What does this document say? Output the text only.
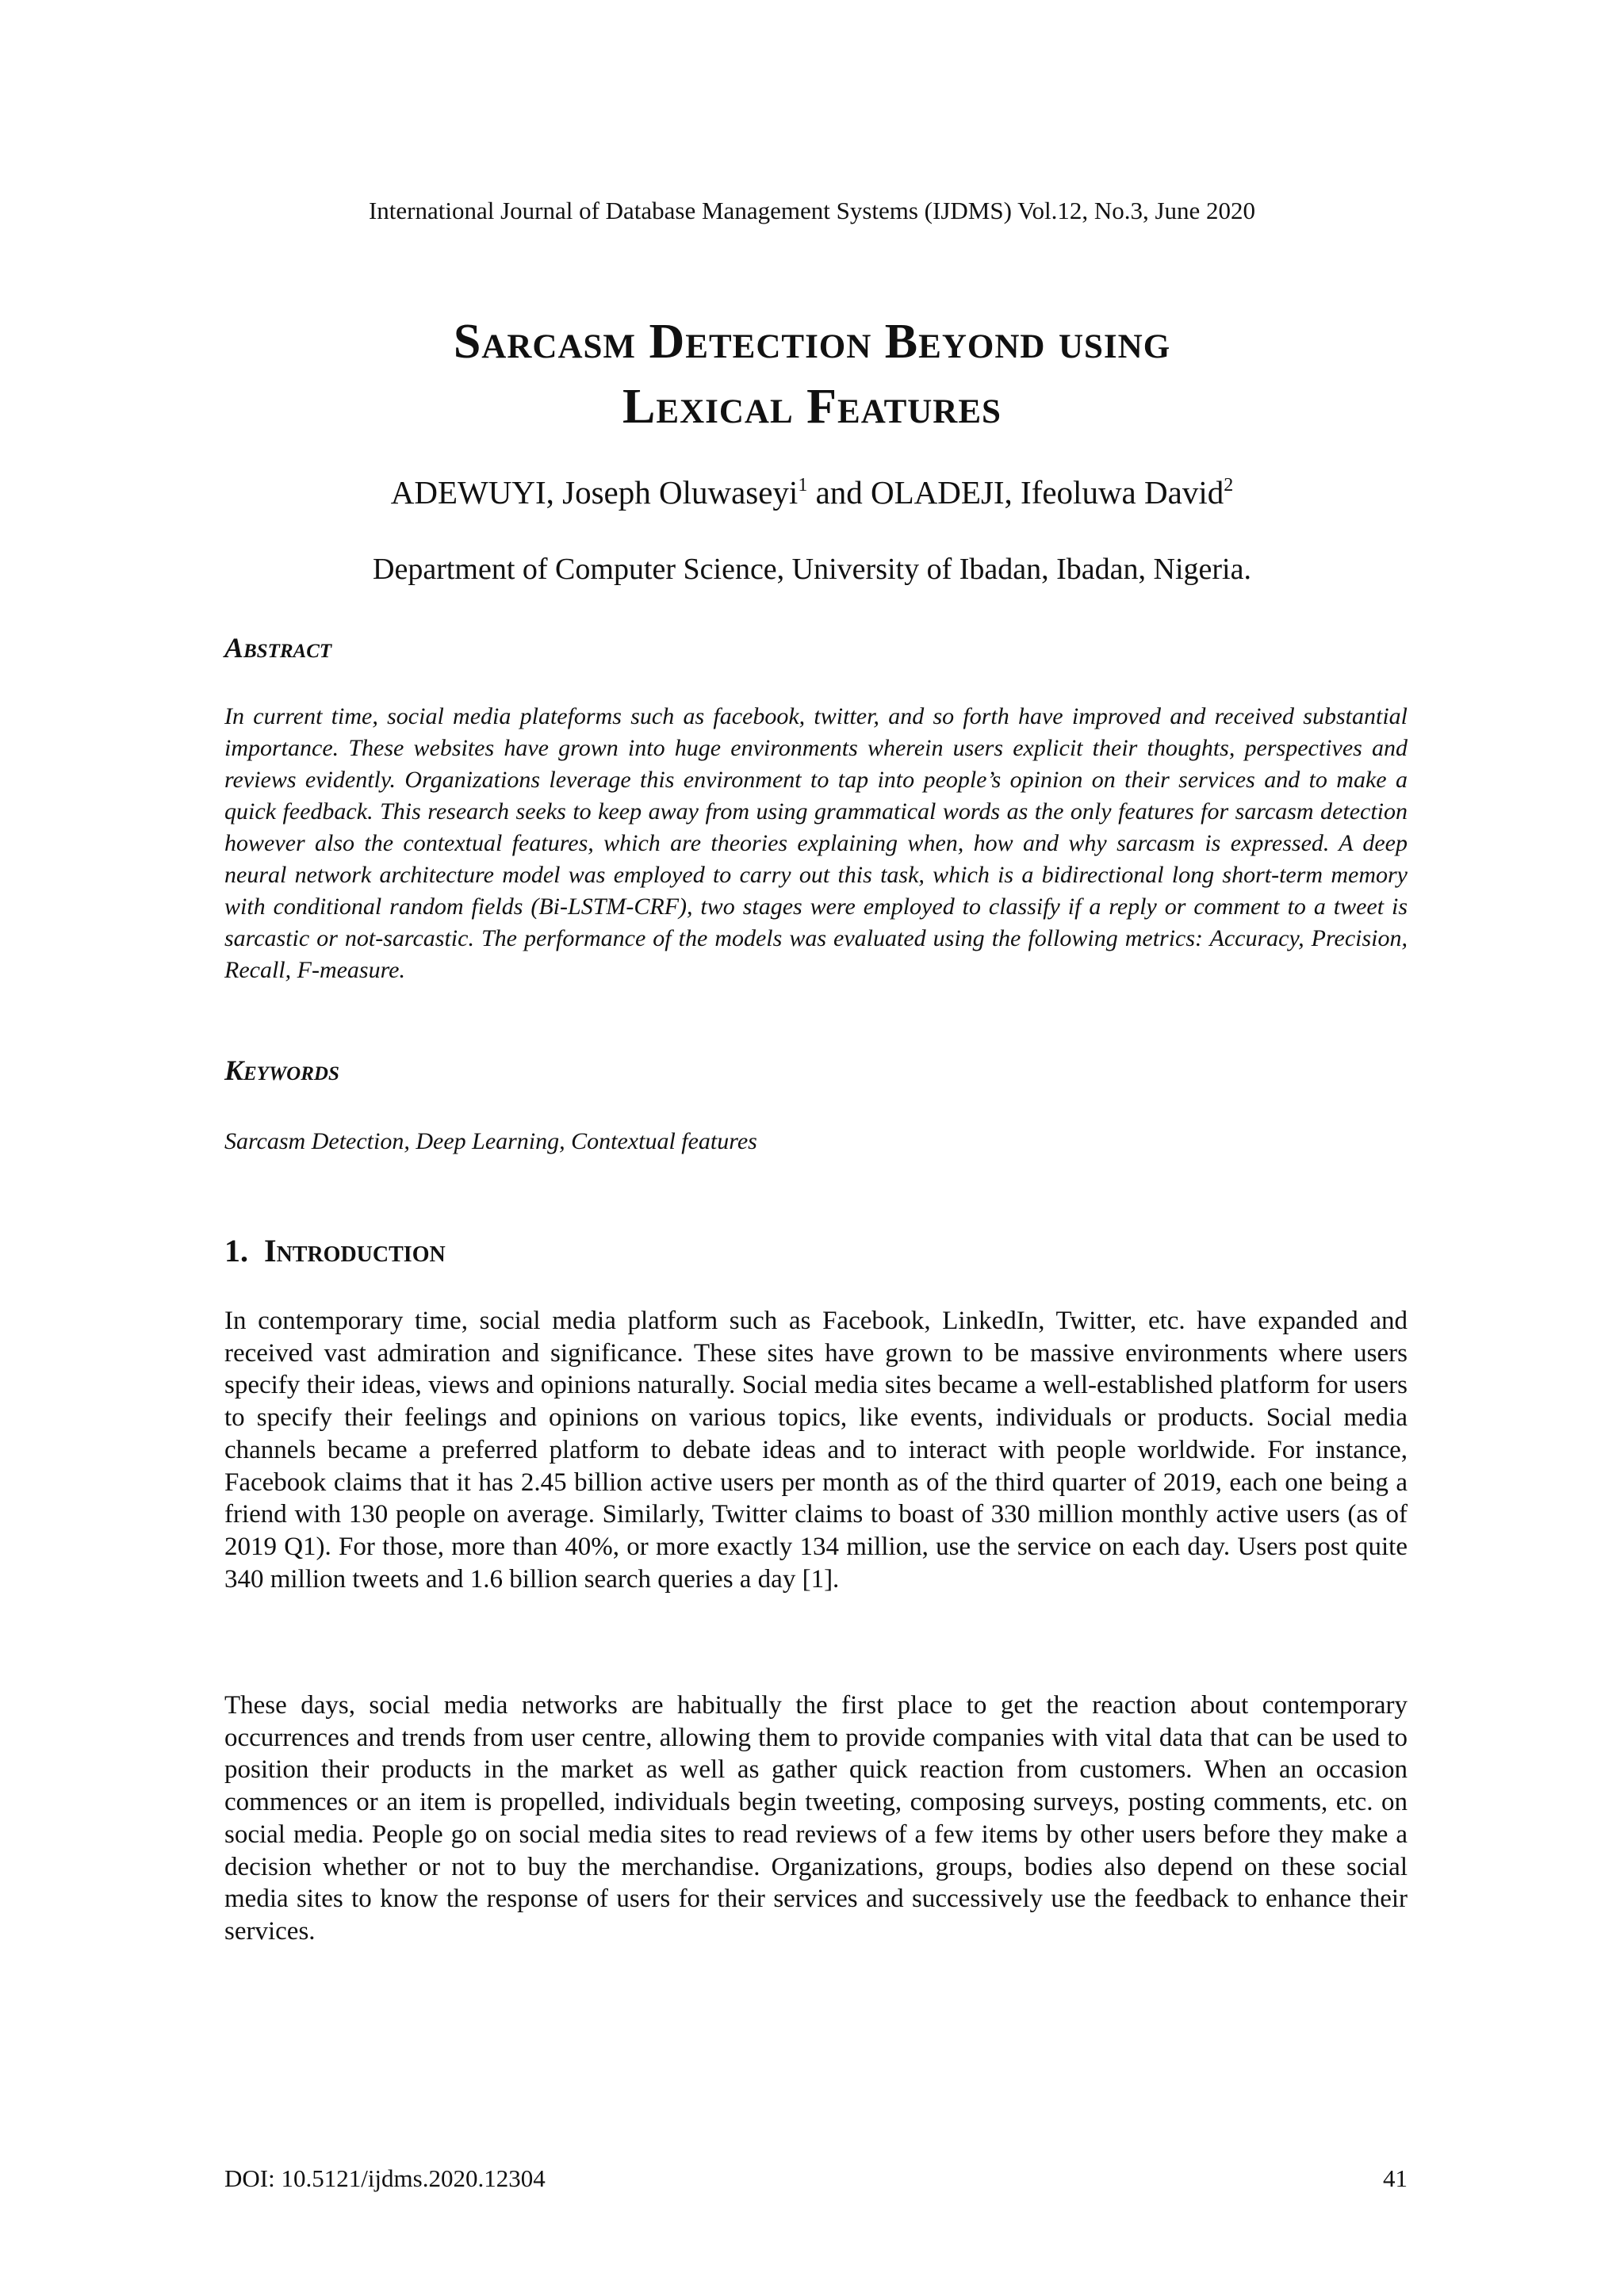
International Journal of Database Management Systems (IJDMS) Vol.12, No.3, June 2020
Sarcasm Detection Beyond using
Lexical Features
ADEWUYI, Joseph Oluwaseyi$^1$ and OLADEJI, Ifeoluwa David$^2$
Department of Computer Science, University of Ibadan, Ibadan, Nigeria.
Abstract
In current time, social media plateforms such as facebook, twitter, and so forth have improved and received substantial importance. These websites have grown into huge environments wherein users explicit their thoughts, perspectives and reviews evidently. Organizations leverage this environment to tap into people’s opinion on their services and to make a quick feedback. This research seeks to keep away from using grammatical words as the only features for sarcasm detection however also the contextual features, which are theories explaining when, how and why sarcasm is expressed. A deep neural network architecture model was employed to carry out this task, which is a bidirectional long short-term memory with conditional random fields (Bi-LSTM-CRF), two stages were employed to classify if a reply or comment to a tweet is sarcastic or not-sarcastic. The performance of the models was evaluated using the following metrics: Accuracy, Precision, Recall, F-measure.
Keywords
Sarcasm Detection, Deep Learning, Contextual features
1. Introduction
In contemporary time, social media platform such as Facebook, LinkedIn, Twitter, etc. have expanded and received vast admiration and significance. These sites have grown to be massive environments where users specify their ideas, views and opinions naturally. Social media sites became a well-established platform for users to specify their feelings and opinions on various topics, like events, individuals or products. Social media channels became a preferred platform to debate ideas and to interact with people worldwide. For instance, Facebook claims that it has 2.45 billion active users per month as of the third quarter of 2019, each one being a friend with 130 people on average. Similarly, Twitter claims to boast of 330 million monthly active users (as of 2019 Q1). For those, more than 40%, or more exactly 134 million, use the service on each day. Users post quite 340 million tweets and 1.6 billion search queries a day [1].
These days, social media networks are habitually the first place to get the reaction about contemporary occurrences and trends from user centre, allowing them to provide companies with vital data that can be used to position their products in the market as well as gather quick reaction from customers. When an occasion commences or an item is propelled, individuals begin tweeting, composing surveys, posting comments, etc. on social media. People go on social media sites to read reviews of a few items by other users before they make a decision whether or not to buy the merchandise. Organizations, groups, bodies also depend on these social media sites to know the response of users for their services and successively use the feedback to enhance their services.
DOI: 10.5121/ijdms.2020.12304	41
